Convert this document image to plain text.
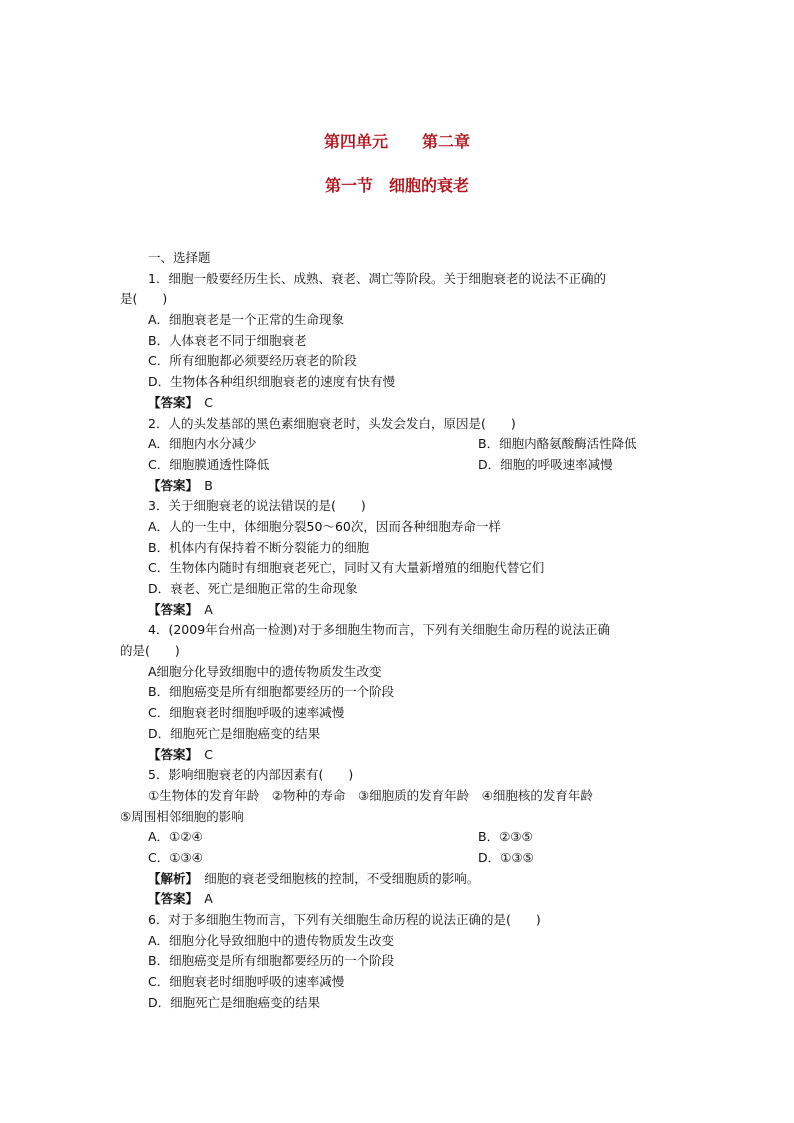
第四单元 第二章
第一节 细胞的衰老
一、选择题
1．细胞一般要经历生长、成熟、衰老、凋亡等阶段。关于细胞衰老的说法不正确的
是(　　)
A．细胞衰老是一个正常的生命现象
B．人体衰老不同于细胞衰老
C．所有细胞都必须要经历衰老的阶段
D．生物体各种组织细胞衰老的速度有快有慢
【答案】　 C
2．人的头发基部的黑色素细胞衰老时，头发会发白，原因是(　　)
A．细胞内水分减少	B．细胞内酪氨酸酶活性降低
C．细胞膜通透性降低	D．细胞的呼吸速率减慢
【答案】　 B
3．关于细胞衰老的说法错误的是(　　)
A．人的一生中，体细胞分裂50～60次，因而各种细胞寿命一样
B．机体内有保持着不断分裂能力的细胞
C．生物体内随时有细胞衰老死亡，同时又有大量新增殖的细胞代替它们
D．衰老、死亡是细胞正常的生命现象
【答案】　 A
4．(2009年台州高一检测)对于多细胞生物而言，下列有关细胞生命历程的说法正确
的是(　　)
A细胞分化导致细胞中的遗传物质发生改变
B．细胞癌变是所有细胞都要经历的一个阶段
C．细胞衰老时细胞呼吸的速率减慢
D．细胞死亡是细胞癌变的结果
【答案】　 C
5．影响细胞衰老的内部因素有(　　)
①生物体的发育年龄　②物种的寿命　③细胞质的发育年龄　④细胞核的发育年龄
⑤周围相邻细胞的影响
A．①②④	B．②③⑤
C．①③④	D．①③⑤
【解析】　 细胞的衰老受细胞核的控制，不受细胞质的影响。
【答案】　 A
6．对于多细胞生物而言，下列有关细胞生命历程的说法正确的是(　　)
A．细胞分化导致细胞中的遗传物质发生改变
B．细胞癌变是所有细胞都要经历的一个阶段
C．细胞衰老时细胞呼吸的速率减慢
D．细胞死亡是细胞癌变的结果
